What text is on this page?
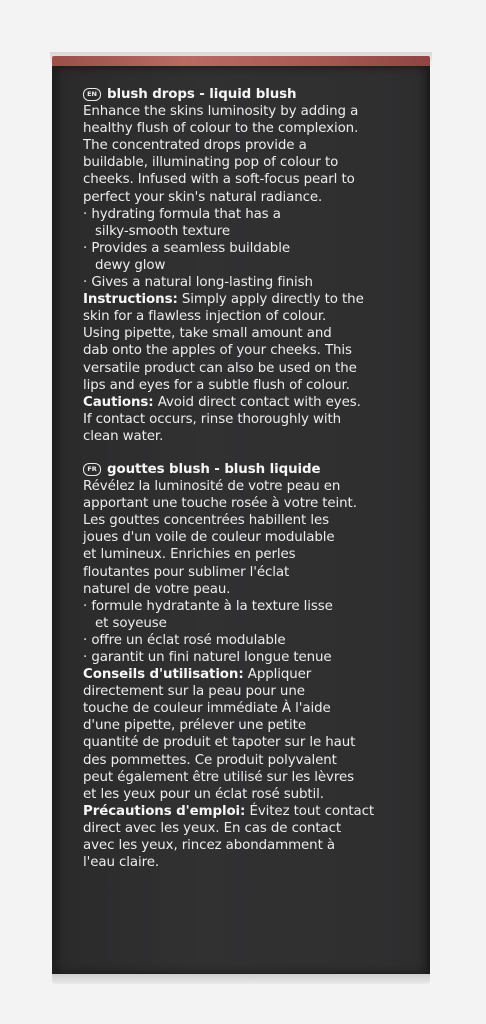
EN blush drops - liquid blush
Enhance the skins luminosity by adding a
healthy flush of colour to the complexion.
The concentrated drops provide a
buildable, illuminating pop of colour to
cheeks. Infused with a soft-focus pearl to
perfect your skin's natural radiance.
· hydrating formula that has a
silky-smooth texture
· Provides a seamless buildable
dewy glow
· Gives a natural long-lasting finish
Instructions: Simply apply directly to the
skin for a flawless injection of colour.
Using pipette, take small amount and
dab onto the apples of your cheeks. This
versatile product can also be used on the
lips and eyes for a subtle flush of colour.
Cautions: Avoid direct contact with eyes.
If contact occurs, rinse thoroughly with
clean water.
FR gouttes blush - blush liquide
Révélez la luminosité de votre peau en
apportant une touche rosée à votre teint.
Les gouttes concentrées habillent les
joues d'un voile de couleur modulable
et lumineux. Enrichies en perles
floutantes pour sublimer l'éclat
naturel de votre peau.
· formule hydratante à la texture lisse
et soyeuse
· offre un éclat rosé modulable
· garantit un fini naturel longue tenue
Conseils d'utilisation: Appliquer
directement sur la peau pour une
touche de couleur immédiate À l'aide
d'une pipette, prélever une petite
quantité de produit et tapoter sur le haut
des pommettes. Ce produit polyvalent
peut également être utilisé sur les lèvres
et les yeux pour un éclat rosé subtil.
Précautions d'emploi: Évitez tout contact
direct avec les yeux. En cas de contact
avec les yeux, rincez abondamment à
l'eau claire.
